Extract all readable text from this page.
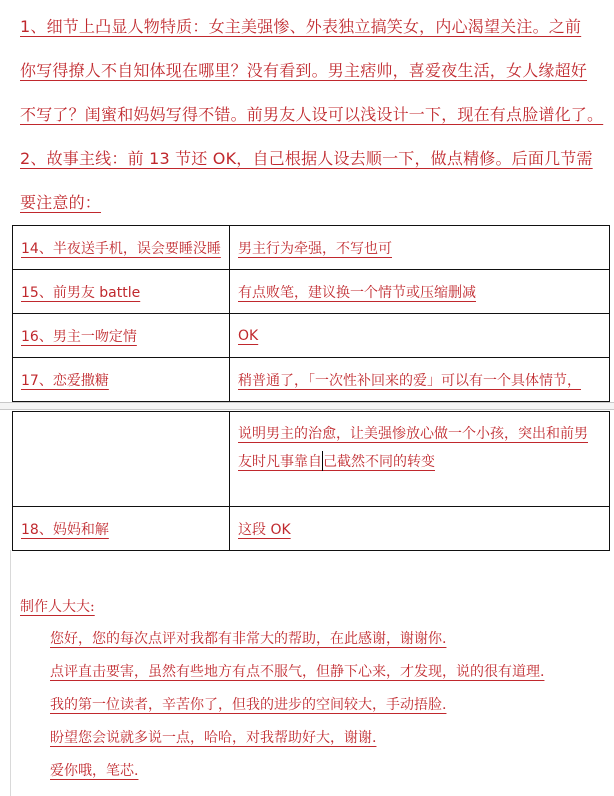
1、细节上凸显人物特质：女主美强惨、外表独立搞笑女，内心渴望关注。之前

你写得撩人不自知体现在哪里？没有看到。男主痞帅，喜爱夜生活，女人缘超好

不写了？闺蜜和妈妈写得不错。前男友人设可以浅设计一下，现在有点脸谱化了。

2、故事主线：前 13 节还 OK，自己根据人设去顺一下，做点精修。后面几节需

要注意的：

14、半夜送手机，误会要睡没睡	男主行为牵强，不写也可
15、前男友 battle	有点败笔，建议换一个情节或压缩删减
16、男主一吻定情	OK
17、恋爱撒糖	稍普通了，「一次性补回来的爱」可以有一个具体情节，

	说明男主的治愈，让美强惨放心做一个小孩，突出和前男
友时凡事靠自己截然不同的转变

18、妈妈和解	这段 OK

制作人大大:

您好，您的每次点评对我都有非常大的帮助，在此感谢，谢谢你.

点评直击要害，虽然有些地方有点不服气，但静下心来，才发现，说的很有道理.

我的第一位读者，辛苦你了，但我的进步的空间较大，手动捂脸.

盼望您会说就多说一点，哈哈，对我帮助好大，谢谢.

爱你哦，笔芯.
